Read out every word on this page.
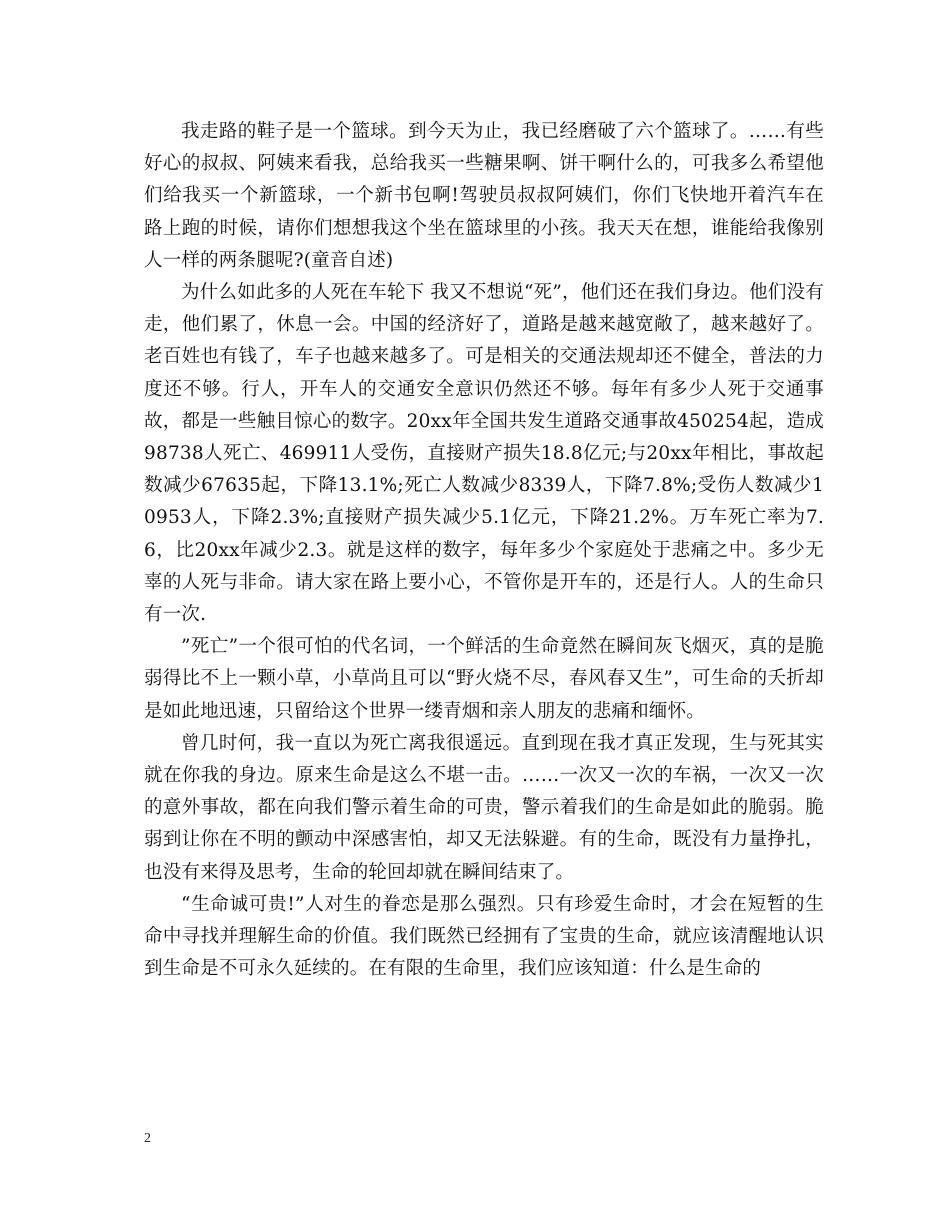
我走路的鞋子是一个篮球。到今天为止，我已经磨破了六个篮球了。……有些好心的叔叔、阿姨来看我，总给我买一些糖果啊、饼干啊什么的，可我多么希望他们给我买一个新篮球，一个新书包啊!驾驶员叔叔阿姨们，你们飞快地开着汽车在路上跑的时候，请你们想想我这个坐在篮球里的小孩。我天天在想，谁能给我像别人一样的两条腿呢?(童音自述)

为什么如此多的人死在车轮下 我又不想说“死”，他们还在我们身边。他们没有走，他们累了，休息一会。中国的经济好了，道路是越来越宽敞了，越来越好了。老百姓也有钱了，车子也越来越多了。可是相关的交通法规却还不健全，普法的力度还不够。行人，开车人的交通安全意识仍然还不够。每年有多少人死于交通事故，都是一些触目惊心的数字。20xx年全国共发生道路交通事故450254起，造成98738人死亡、469911人受伤，直接财产损失18.8亿元;与20xx年相比，事故起数减少67635起，下降13.1%;死亡人数减少8339人，下降7.8%;受伤人数减少10953人，下降2.3%;直接财产损失减少5.1亿元，下降21.2%。万车死亡率为7.6，比20xx年减少2.3。就是这样的数字，每年多少个家庭处于悲痛之中。多少无辜的人死与非命。请大家在路上要小心，不管你是开车的，还是行人。人的生命只有一次.

”死亡”一个很可怕的代名词，一个鲜活的生命竟然在瞬间灰飞烟灭，真的是脆弱得比不上一颗小草，小草尚且可以“野火烧不尽，春风春又生”，可生命的夭折却是如此地迅速，只留给这个世界一缕青烟和亲人朋友的悲痛和缅怀。

曾几时何，我一直以为死亡离我很遥远。直到现在我才真正发现，生与死其实就在你我的身边。原来生命是这么不堪一击。……一次又一次的车祸，一次又一次的意外事故，都在向我们警示着生命的可贵，警示着我们的生命是如此的脆弱。脆弱到让你在不明的颤动中深感害怕，却又无法躲避。有的生命，既没有力量挣扎，也没有来得及思考，生命的轮回却就在瞬间结束了。

“生命诚可贵!”人对生的眷恋是那么强烈。只有珍爱生命时，才会在短暂的生命中寻找并理解生命的价值。我们既然已经拥有了宝贵的生命，就应该清醒地认识到生命是不可永久延续的。在有限的生命里，我们应该知道：什么是生命的

2
